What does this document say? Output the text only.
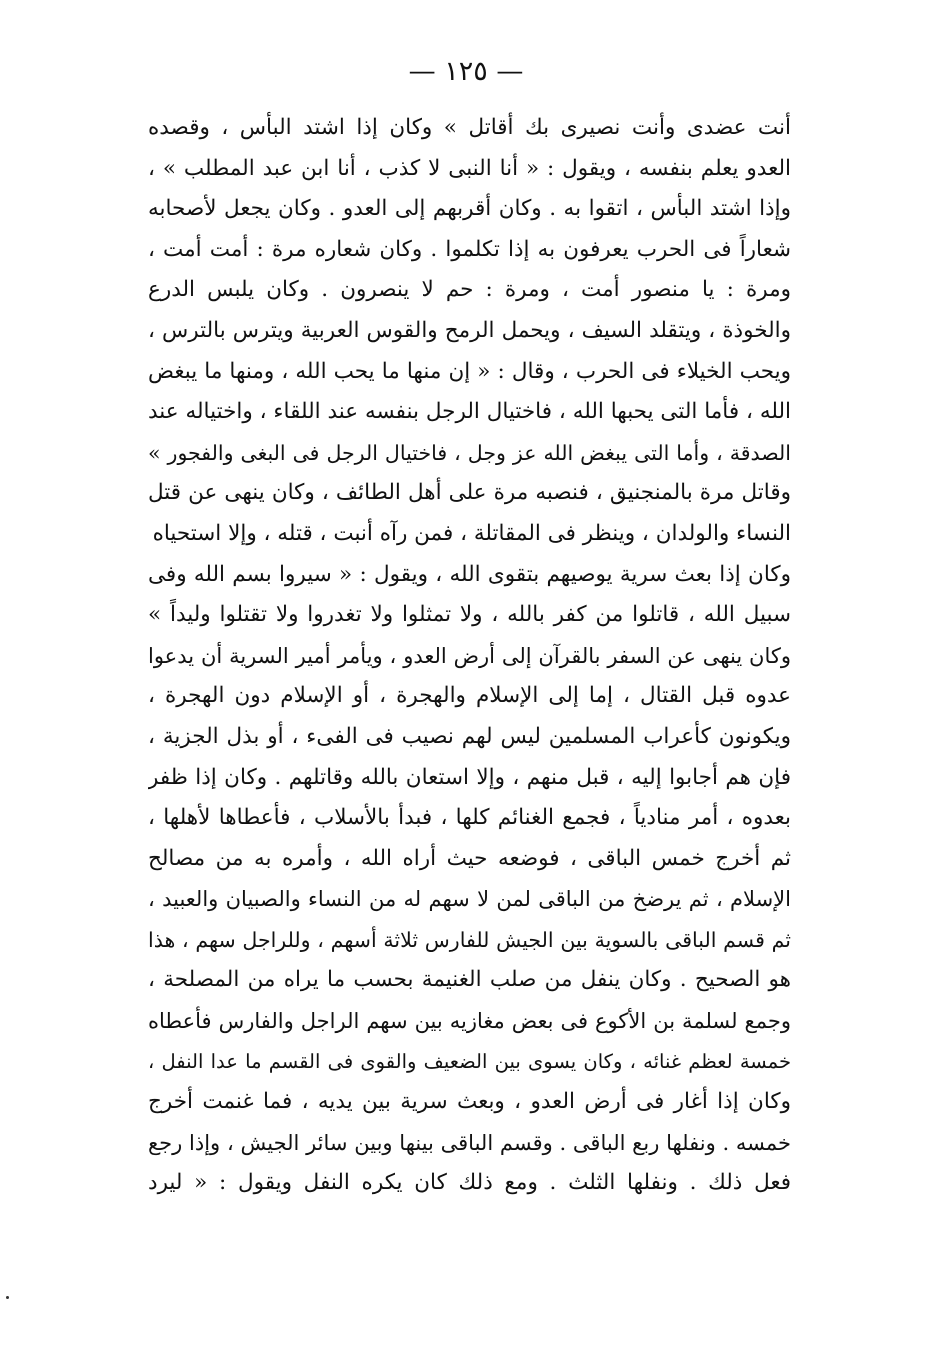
— ١٢٥ —
أنت عضدى وأنت نصيرى بك أقاتل » وكان إذا اشتد البأس ، وقصده
العدو يعلم بنفسه ، ويقول : « أنا النبى لا كذب ، أنا ابن عبد المطلب » ،
وإذا اشتد البأس ، اتقوا به . وكان أقربهم إلى العدو . وكان يجعل لأصحابه
شعاراً فى الحرب يعرفون به إذا تكلموا . وكان شعاره مرة : أمت أمت ،
ومرة : يا منصور أمت ، ومرة : حم لا ينصرون . وكان يلبس الدرع
والخوذة ، ويتقلد السيف ، ويحمل الرمح والقوس العربية ويترس بالترس ،
ويحب الخيلاء فى الحرب ، وقال : « إن منها ما يحب الله ، ومنها ما يبغض
الله ، فأما التى يحبها الله ، فاختيال الرجل بنفسه عند اللقاء ، واختياله عند
الصدقة ، وأما التى يبغض الله عز وجل ، فاختيال الرجل فى البغى والفجور »
وقاتل مرة بالمنجنيق ، فنصبه مرة على أهل الطائف ، وكان ينهى عن قتل
النساء والولدان ، وينظر فى المقاتلة ، فمن رآه أنبت ، قتله ، وإلا استحياه
وكان إذا بعث سرية يوصيهم بتقوى الله ، ويقول : « سيروا بسم الله وفى
سبيل الله ، قاتلوا من كفر بالله ، ولا تمثلوا ولا تغدروا ولا تقتلوا وليداً »
وكان ينهى عن السفر بالقرآن إلى أرض العدو ، ويأمر أمير السرية أن يدعوا
عدوه قبل القتال ، إما إلى الإسلام والهجرة ، أو الإسلام دون الهجرة ،
ويكونون كأعراب المسلمين ليس لهم نصيب فى الفىء ، أو بذل الجزية ،
فإن هم أجابوا إليه ، قبل منهم ، وإلا استعان بالله وقاتلهم . وكان إذا ظفر
بعدوه ، أمر منادياً ، فجمع الغنائم كلها ، فبدأ بالأسلاب ، فأعطاها لأهلها ،
ثم أخرج خمس الباقى ، فوضعه حيث أراه الله ، وأمره به من مصالح
الإسلام ، ثم يرضخ من الباقى لمن لا سهم له من النساء والصبيان والعبيد ،
ثم قسم الباقى بالسوية بين الجيش للفارس ثلاثة أسهم ، وللراجل سهم ، هذا
هو الصحيح . وكان ينفل من صلب الغنيمة بحسب ما يراه من المصلحة ،
وجمع لسلمة بن الأكوع فى بعض مغازيه بين سهم الراجل والفارس فأعطاه
خمسة لعظم غنائه ، وكان يسوى بين الضعيف والقوى فى القسم ما عدا النفل ،
وكان إذا أغار فى أرض العدو ، وبعث سرية بين يديه ، فما غنمت أخرج
خمسه . ونفلها ربع الباقى . وقسم الباقى بينها وبين سائر الجيش ، وإذا رجع
فعل ذلك . ونفلها الثلث . ومع ذلك كان يكره النفل ويقول : « ليرد
